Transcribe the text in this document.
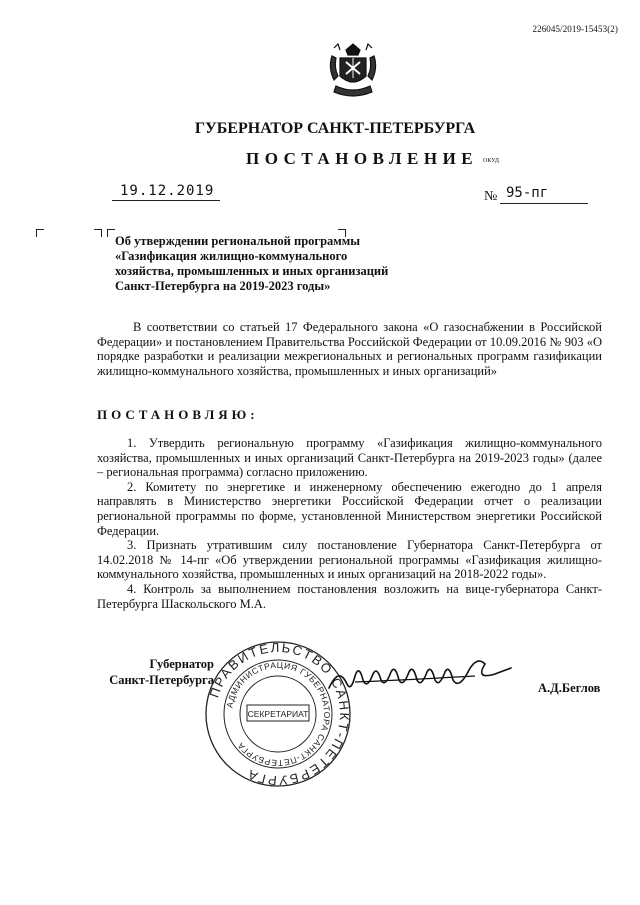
226045/2019-15453(2)
ГУБЕРНАТОР САНКТ-ПЕТЕРБУРГА
ПОСТАНОВЛЕНИЕ ОКУД
19.12.2019	№ 95-пг
Об утверждении региональной программы «Газификация жилищно-коммунального хозяйства, промышленных и иных организаций Санкт-Петербурга на 2019-2023 годы»
В соответствии со статьей 17 Федерального закона «О газоснабжении в Российской Федерации» и постановлением Правительства Российской Федерации от 10.09.2016 № 903 «О порядке разработки и реализации межрегиональных и региональных программ газификации жилищно-коммунального хозяйства, промышленных и иных организаций»
ПОСТАНОВЛЯЮ:

1. Утвердить региональную программу «Газификация жилищно-коммунального хозяйства, промышленных и иных организаций Санкт-Петербурга на 2019-2023 годы» (далее – региональная программа) согласно приложению.

2. Комитету по энергетике и инженерному обеспечению ежегодно до 1 апреля направлять в Министерство энергетики Российской Федерации отчет о реализации региональной программы по форме, установленной Министерством энергетики Российской Федерации.

3. Признать утратившим силу постановление Губернатора Санкт-Петербурга от 14.02.2018 № 14-пг «Об утверждении региональной программы «Газификация жилищно-коммунального хозяйства, промышленных и иных организаций на 2018-2022 годы».

4. Контроль за выполнением постановления возложить на вице-губернатора Санкт-Петербурга Шаскольского М.А.

Губернатор
Санкт-Петербурга
ПРАВИТЕЛЬСТВО САНКТ-ПЕТЕРБУРГА
АДМИНИСТРАЦИЯ ГУБЕРНАТОРА САНКТ-ПЕТЕРБУРГА
СЕКРЕТАРИАТ
А.Д.Беглов
